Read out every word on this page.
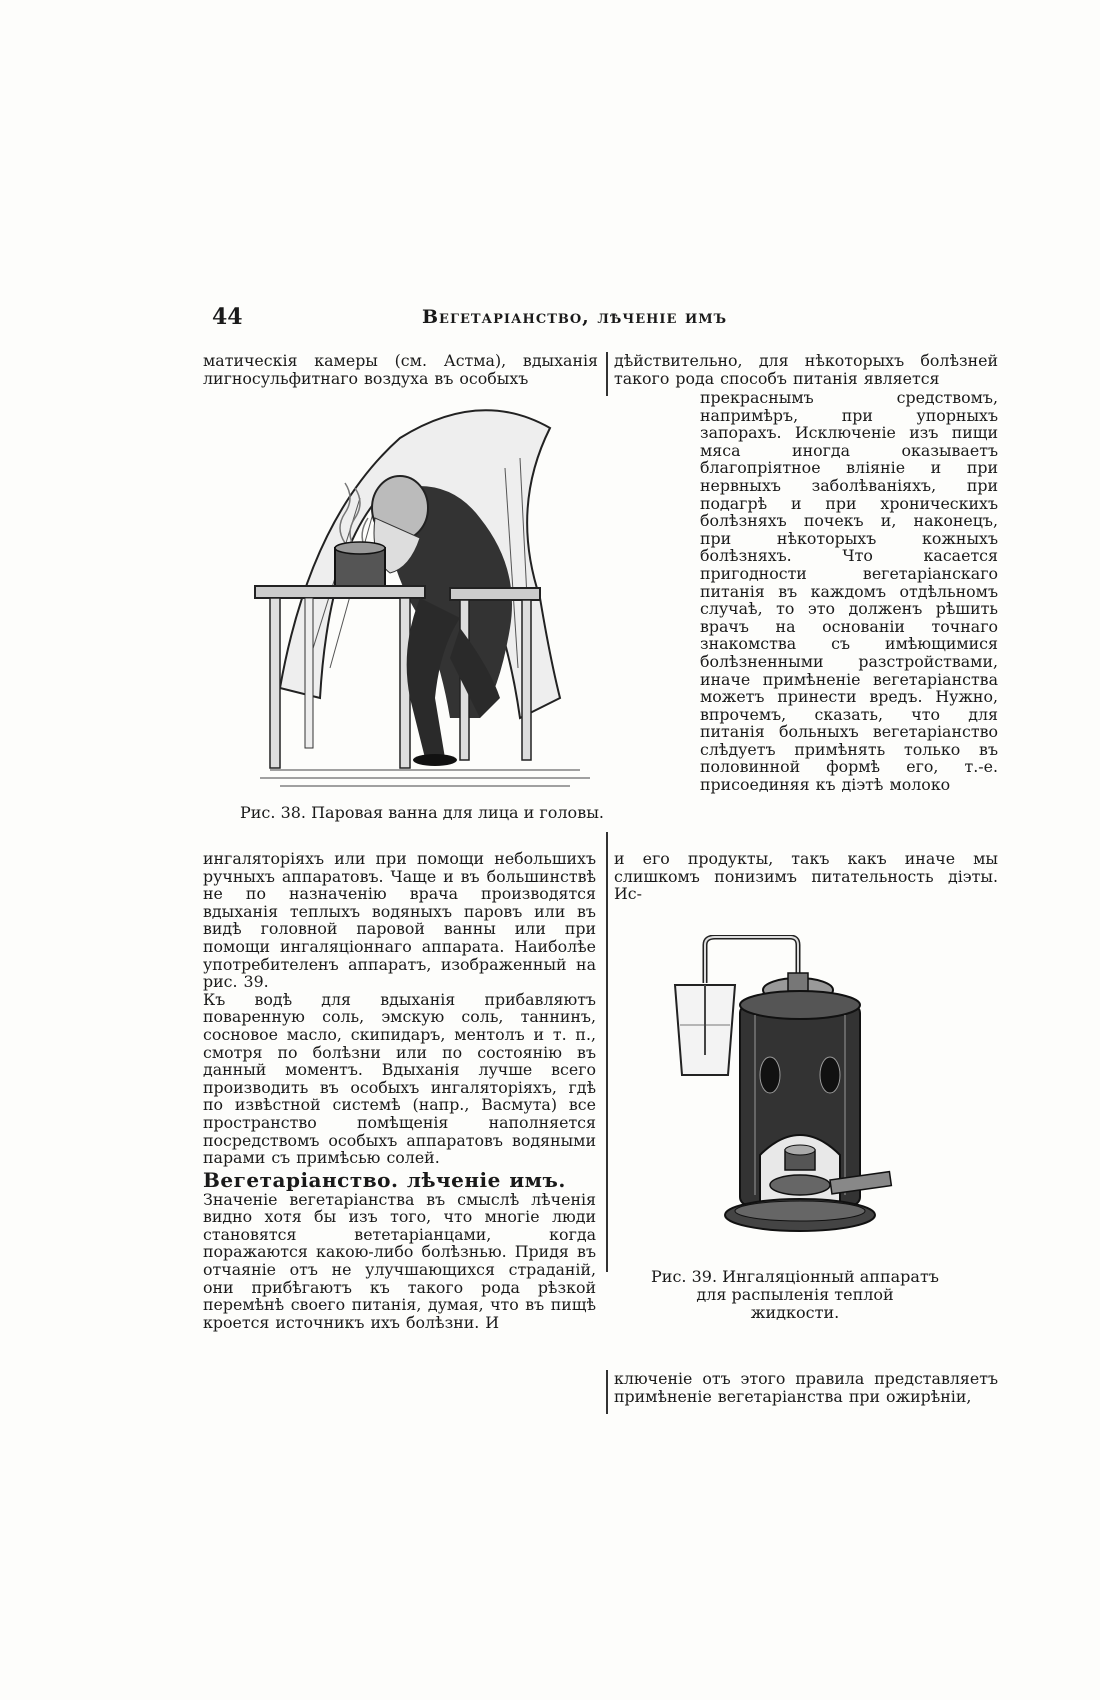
44	Вегетаріанство, лѣченіе имъ

матическія камеры (см. Астма), вдыханія лигносульфитнаго воздуха въ особыхъ

Рис. 38. Паровая ванна для лица и головы.

дѣйствительно, для нѣкоторыхъ болѣзней такого рода способъ питанія является

прекраснымъ средствомъ, напримѣръ, при упорныхъ запорахъ. Исключеніе изъ пищи мяса иногда оказываетъ благопріятное вліяніе и при нервныхъ заболѣваніяхъ, при подагрѣ и при хроническихъ болѣзняхъ почекъ и, наконецъ, при нѣкоторыхъ кожныхъ болѣзняхъ. Что касается пригодности вегетаріанскаго питанія въ каждомъ отдѣльномъ случаѣ, то это долженъ рѣшить врачъ на основаніи точнаго знакомства съ имѣющимися болѣзненными разстройствами, иначе примѣненіе вегетаріанства можетъ принести вредъ. Нужно, впрочемъ, сказать, что для питанія больныхъ вегетаріанство слѣдуетъ примѣнять только въ половинной формѣ его, т.-е. присоединяя къ діэтѣ молоко

и его продукты, такъ какъ иначе мы слишкомъ понизимъ питательность діэты. Ис-

ингаляторіяхъ или при помощи небольшихъ ручныхъ аппаратовъ. Чаще и въ большинствѣ не по назначенію врача производятся вдыханія теплыхъ водяныхъ паровъ или въ видѣ головной паровой ванны или при помощи ингаляціоннаго аппарата. Наиболѣе употребителенъ аппаратъ, изображенный на рис. 39.

Къ водѣ для вдыханія прибавляютъ поваренную соль, эмскую соль, таннинъ, сосновое масло, скипидаръ, ментолъ и т. п., смотря по болѣзни или по состоянію въ данный моментъ. Вдыханія лучше всего производить въ особыхъ ингаляторіяхъ, гдѣ по извѣстной системѣ (напр., Васмута) все пространство помѣщенія наполняется посредствомъ особыхъ аппаратовъ водяными парами съ примѣсью солей.

Вегетаріанство. лѣченіе имъ.

Значеніе вегетаріанства въ смыслѣ лѣченія видно хотя бы изъ того, что многіе люди становятся вететаріанцами, когда поражаются какою-либо болѣзнью. Придя въ отчаяніе отъ не улучшающихся страданій, они прибѣгаютъ къ такого рода рѣзкой перемѣнѣ своего питанія, думая, что въ пищѣ кроется источникъ ихъ болѣзни. И

Рис. 39. Ингаляціонный аппаратъ для распыленія теплой жидкости.

ключеніе отъ этого правила представляетъ примѣненіе вегетаріанства при ожирѣніи,
